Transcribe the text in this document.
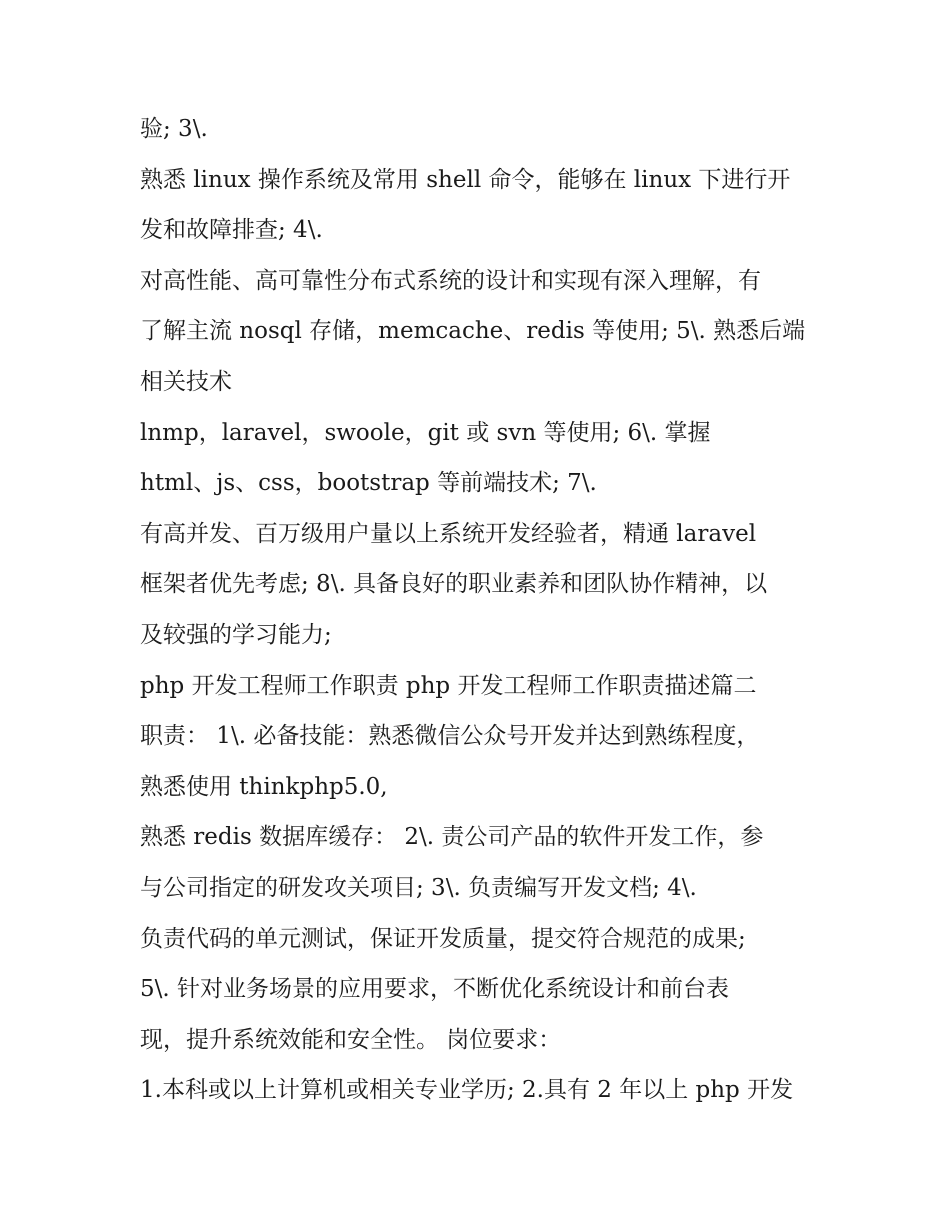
验; 3\.
熟悉 linux 操作系统及常用 shell 命令，能够在 linux 下进行开
发和故障排查; 4\.
对高性能、高可靠性分布式系统的设计和实现有深入理解，有
了解主流 nosql 存储，memcache、redis 等使用; 5\. 熟悉后端
相关技术
lnmp，laravel，swoole，git 或 svn 等使用; 6\. 掌握
html、js、css，bootstrap 等前端技术; 7\.
有高并发、百万级用户量以上系统开发经验者，精通 laravel
框架者优先考虑; 8\. 具备良好的职业素养和团队协作精神，以
及较强的学习能力;
php 开发工程师工作职责 php 开发工程师工作职责描述篇二
职责： 1\. 必备技能：熟悉微信公众号开发并达到熟练程度，
熟悉使用 thinkphp5.0,
熟悉 redis 数据库缓存： 2\. 责公司产品的软件开发工作，参
与公司指定的研发攻关项目; 3\. 负责编写开发文档; 4\.
负责代码的单元测试，保证开发质量，提交符合规范的成果;
5\. 针对业务场景的应用要求，不断优化系统设计和前台表
现，提升系统效能和安全性。 岗位要求：
1.本科或以上计算机或相关专业学历; 2.具有 2 年以上 php 开发
